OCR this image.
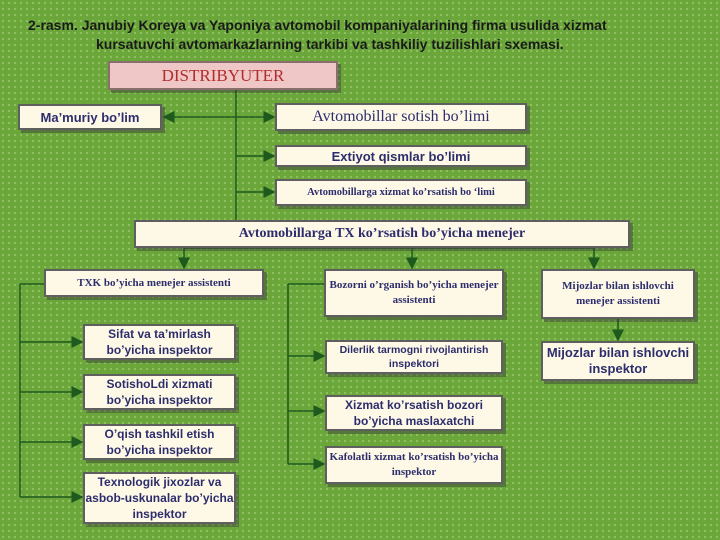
2-rasm. Janubiy Koreya va Yaponiya avtomobil kompaniyalarining firma usulida xizmat
kursatuvchi avtomarkazlarning tarkibi va tashkiliy tuzilishlari sxemasi.
DISTRIBYUTER
Ma’muriy bo’lim	Avtomobillar sotish bo’limi
Extiyot qismlar bo’limi
Avtomobillarga xizmat ko’rsatish bo ‘limi
Avtomobillarga TX ko’rsatish bo’yicha menejer
TXK bo’yicha menejer assistenti	Bozorni o’rganish bo’yicha menejer assistenti
Mijozlar bilan ishlovchi menejer assistenti
Sifat va ta’mirlash bo’yicha inspektor
SotishoLdi xizmati bo’yicha inspektor
O’qish tashkil etish bo’yicha inspektor
Texnologik jixozlar va asbob-uskunalar bo’yicha inspektor
Dilerlik tarmogni rivojlantirish inspektori
Xizmat ko’rsatish bozori bo’yicha maslaxatchi
Kafolatli xizmat ko’rsatish bo’yicha inspektor
Mijozlar bilan ishlovchi inspektor
